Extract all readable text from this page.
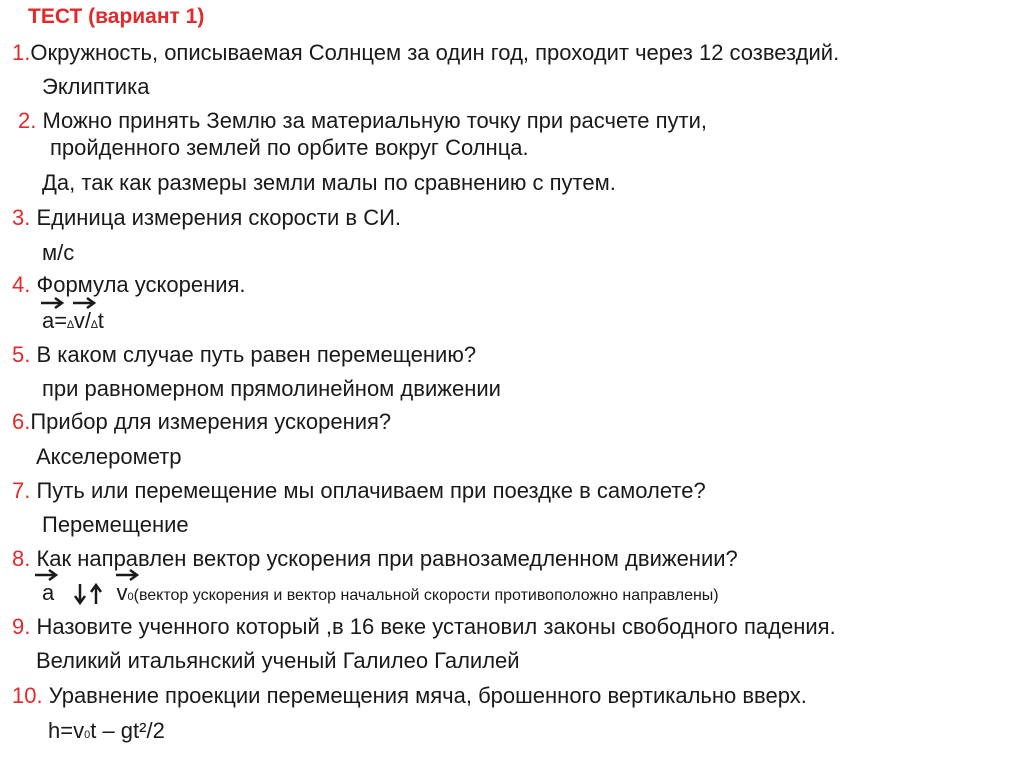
ТЕСТ (вариант 1)
1.Окружность, описываемая Солнцем за один год, проходит через 12 созвездий.
Эклиптика
2. Можно принять Землю за материальную точку при расчете пути,
пройденного землей по орбите вокруг Солнца.
Да, так как размеры земли малы по сравнению с путем.
3. Единица измерения скорости в СИ.
м/с
4. Формула ускорения.
a=∆
v/∆t
5. В каком случае путь равен перемещению?
при равномерном прямолинейном движении
6.Прибор для измерения ускорения?
Акселерометр
7. Путь или перемещение мы оплачиваем при поездке в самолете?
Перемещение
8. Как направлен вектор ускорения при равнозамедленном движении?
a	v0(вектор ускорения и вектор начальной скорости противоположно направлены)
9. Назовите ученного который ,в 16 веке установил законы свободного падения.
Великий итальянский ученый Галилео Галилей
10. Уравнение проекции перемещения мяча, брошенного вертикально вверх.
h=v0t – gt²/2
